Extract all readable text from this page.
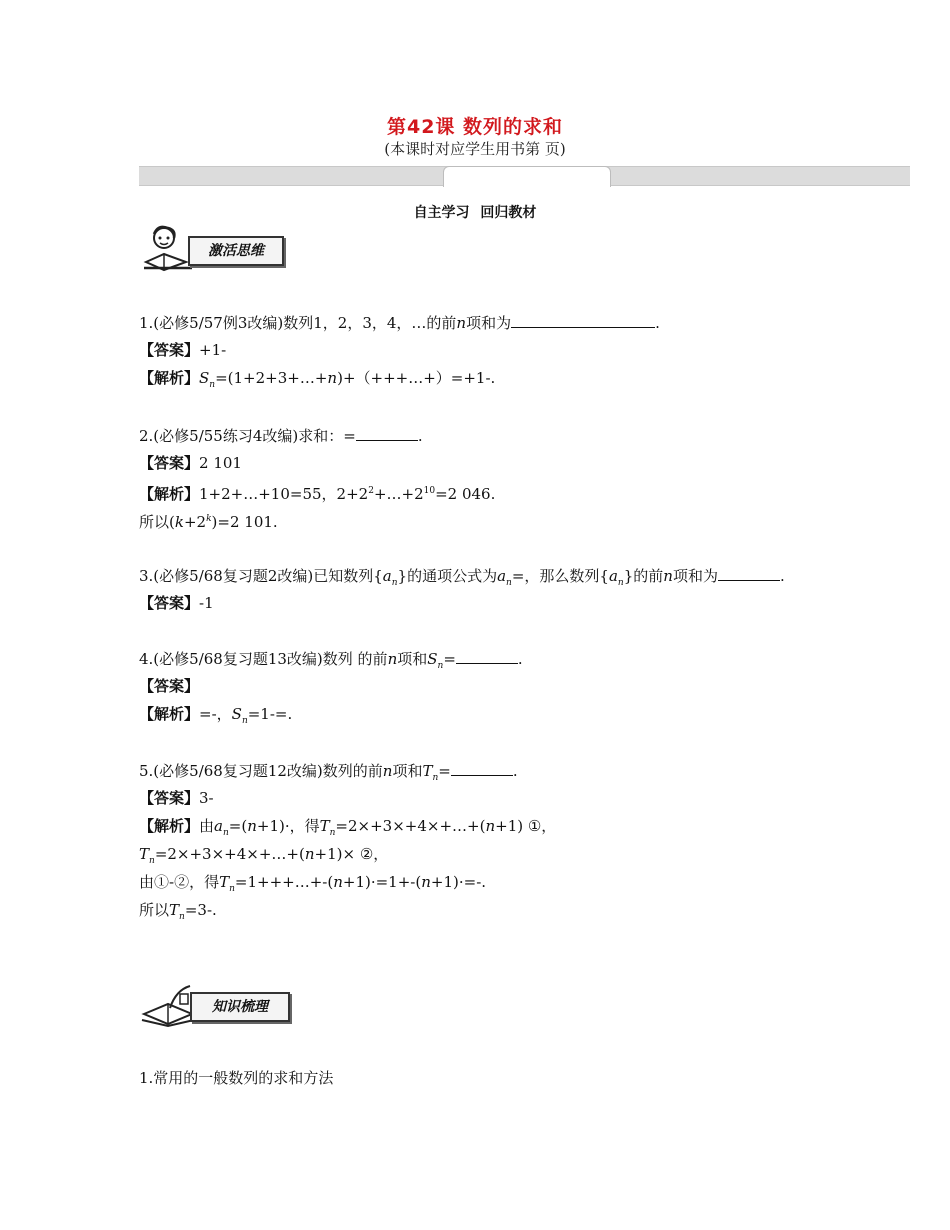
第42课 数列的求和
(本课时对应学生用书第 页)
自主学习 回归教材
激活思维
1.(必修5/57例3改编)数列1，2，3，4，…的前n项和为	.
【答案】+1-
【解析】$S_n=(1+2+3+\dots+n)+(+++\dots+)=+1-$.
2.(必修5/55练习4改编)求和：=	.
【答案】2 101
【解析】1+2+…+10=55，$2+2^2+\dots+2^{10}=2$ 046.
所以$(k+2^k)=2$ 101.
3.(必修5/68复习题2改编)已知数列$\{a_n\}$的通项公式为$a_n=$，那么数列$\{a_n\}$的前n项和为	.
【答案】-1
4.(必修5/68复习题13改编)数列 的前n项和$S_n=$	.
【答案】
【解析】=-，$S_n=1-=$.
5.(必修5/68复习题12改编)数列的前n项和$T_n=$	.
【答案】3-
【解析】由$a_n=(n+1)\cdot$，得$T_n=2\times+3\times+4\times+\dots+(n+1)$ ①，
$T_n=2\times+3\times+4\times+\dots+(n+1)\times$ ②，
由①-②，得$T_n=1+++\dots+-(n+1)\cdot=1+-(n+1)\cdot=-$.
所以$T_n=3-$.
知识梳理
1.常用的一般数列的求和方法
